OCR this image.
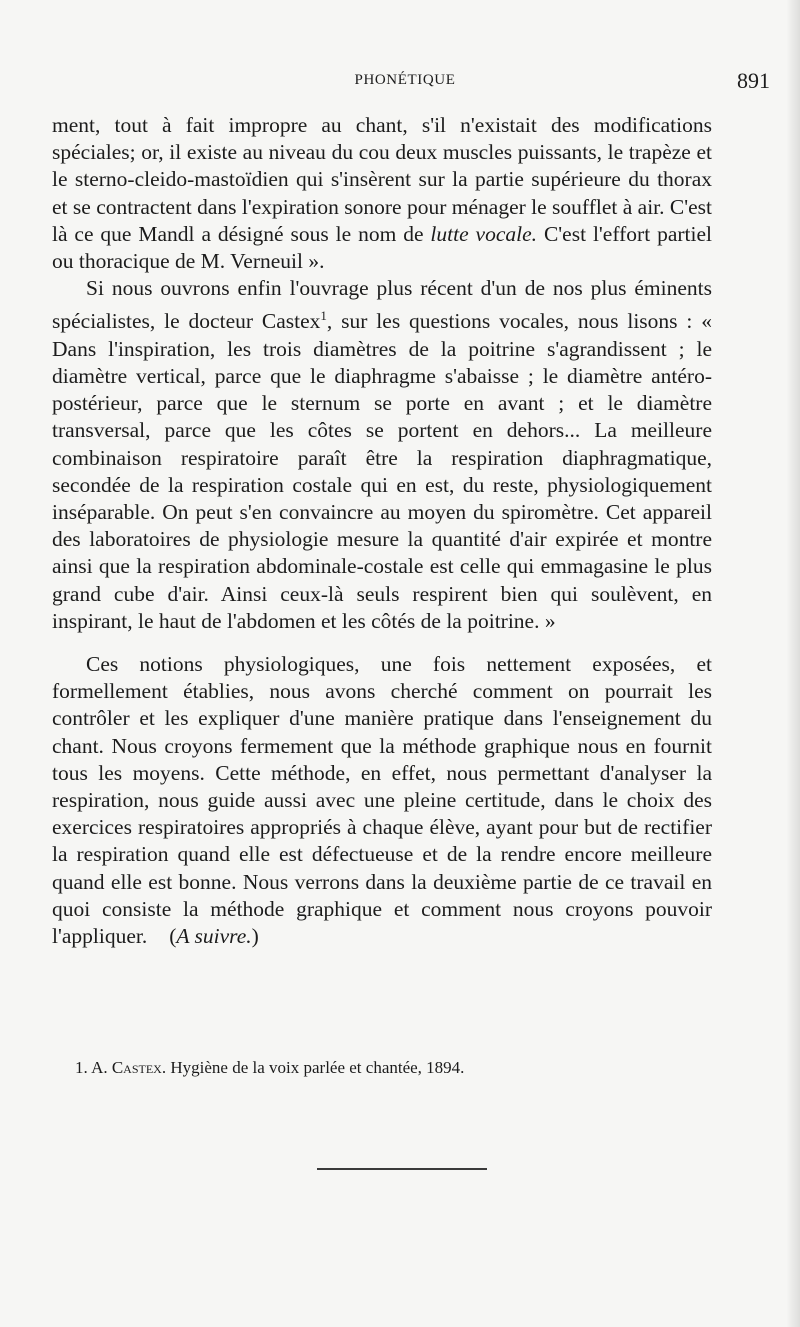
PHONÉTIQUE	891

ment, tout à fait impropre au chant, s'il n'existait des modifications spéciales; or, il existe au niveau du cou deux muscles puissants, le trapèze et le sterno-cleido-mastoïdien qui s'insèrent sur la partie supérieure du thorax et se contractent dans l'expiration sonore pour ménager le soufflet à air. C'est là ce que Mandl a désigné sous le nom de lutte vocale. C'est l'effort partiel ou thoracique de M. Verneuil ».

Si nous ouvrons enfin l'ouvrage plus récent d'un de nos plus éminents spécialistes, le docteur Castex$^1$, sur les questions vocales, nous lisons : « Dans l'inspiration, les trois diamètres de la poitrine s'agrandissent ; le diamètre vertical, parce que le diaphragme s'abaisse ; le diamètre antéro-postérieur, parce que le sternum se porte en avant ; et le diamètre transversal, parce que les côtes se portent en dehors... La meilleure combinaison respiratoire paraît être la respiration diaphragmatique, secondée de la respiration costale qui en est, du reste, physiologiquement inséparable. On peut s'en convaincre au moyen du spiromètre. Cet appareil des laboratoires de physiologie mesure la quantité d'air expirée et montre ainsi que la respiration abdominale-costale est celle qui emmagasine le plus grand cube d'air. Ainsi ceux-là seuls respirent bien qui soulèvent, en inspirant, le haut de l'abdomen et les côtés de la poitrine. »

Ces notions physiologiques, une fois nettement exposées, et formellement établies, nous avons cherché comment on pourrait les contrôler et les expliquer d'une manière pratique dans l'enseignement du chant. Nous croyons fermement que la méthode graphique nous en fournit tous les moyens. Cette méthode, en effet, nous permettant d'analyser la respiration, nous guide aussi avec une pleine certitude, dans le choix des exercices respiratoires appropriés à chaque élève, ayant pour but de rectifier la respiration quand elle est défectueuse et de la rendre encore meilleure quand elle est bonne. Nous verrons dans la deuxième partie de ce travail en quoi consiste la méthode graphique et comment nous croyons pouvoir l'appliquer. (A suivre.)

1. A. Castex. Hygiène de la voix parlée et chantée, 1894.
